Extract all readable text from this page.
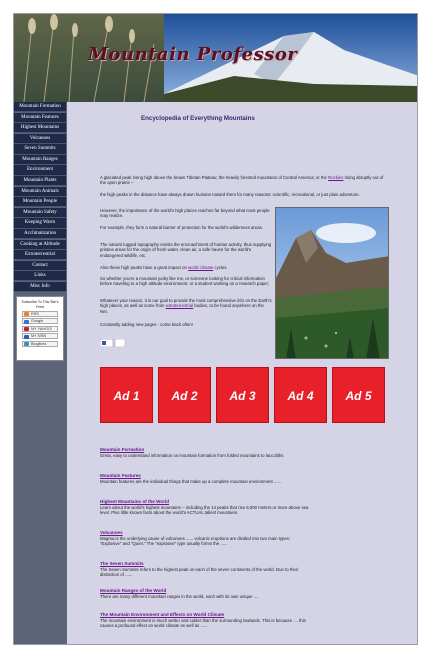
Mountain Professor
Mountain Formation
Mountain Features
Highest Mountains
Volcanoes
Seven Summits
Mountain Ranges
Environment
Mountain Plants
Mountain Animals
Mountain People
Mountain Safety
Keeping Warm
Acclimatization
Cooking at Altitude
Extraterrestrial
Contact
Links
Misc Info
Subscribe To This Site's Feed
RSS
Google
MY YAHOO!
MY MSN
Bloglines
Encyclopedia of Everything Mountains
A glaciated peak rising high above the brown Tibetan Plateau; the heavily forested mountains of Central America; or the Rockies rising abruptly out of the open prairie --
the high peaks in the distance have always drawn humans toward them for many reasons: scientific, recreational, or just plain adventure.
However, the importance of the world's high places reaches far beyond what most people may realize.
For example, they form a natural barrier of protection for the world's wilderness areas.
The natural rugged topography resists the encroachment of human activity, thus supplying pristine areas for the origin of fresh water, clean air, a safe haven for the world's endangered wildlife, etc.
Also these high peaks have a great impact on world climate cycles.
So whether you're a mountain junky like me, or someone looking for critical information before traveling to a high altitude environment, or a student working on a research paper;
Whatever your reason, it is our goal to provide the most comprehensive info on the Earth's high places, as well as some from extraterrestrial bodies, to be found anywhere on the Net.
Constantly adding new pages - come back often!
Ad 1	Ad 2	Ad 3	Ad 4	Ad 5
Mountain Formation
Great, easy to understand information on mountain formation from folded mountains to laccoliths
Mountain Features
Mountain features are the individual things that make up a complete mountain environment ......
Highest Mountains of the World
Learn about the world's highest mountains -- including the 14 peaks that rise 8,000 meters or more above sea level. Plus little known facts about the world's ACTUAL tallest mountains.
Volcanoes
Magma is the underlying cause of volcanoes ...... volcanic eruptions are divided into two main types: "Explosive" and "Quiet." The "explosive" type usually forms the ......
The Seven Summits
The Seven Summits refers to the highest peak on each of the seven continents of the world. Due to their distinction of ......
Mountain Ranges of the World
There are many different mountain ranges in the world, each with its own unique ....
The Mountain Environment and Effects on World Climate
The mountain environment is much wetter and colder than the surrounding lowlands. This is because .... this causes a profound effect on world climate as well as ......
